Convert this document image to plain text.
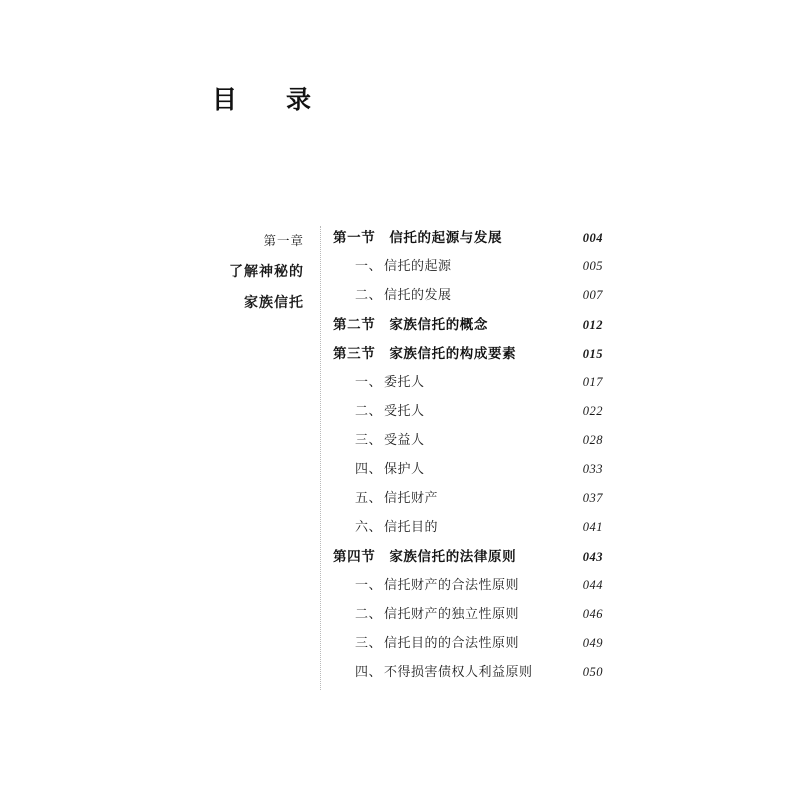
目　录
第一章
了解神秘的
家族信托
第一节 信托的起源与发展	004
一、 信托的起源	005
二、 信托的发展	007
第二节 家族信托的概念	012
第三节 家族信托的构成要素	015
一、 委托人	017
二、 受托人	022
三、 受益人	028
四、 保护人	033
五、 信托财产	037
六、 信托目的	041
第四节 家族信托的法律原则	043
一、 信托财产的合法性原则	044
二、 信托财产的独立性原则	046
三、 信托目的的合法性原则	049
四、 不得损害债权人利益原则	050
